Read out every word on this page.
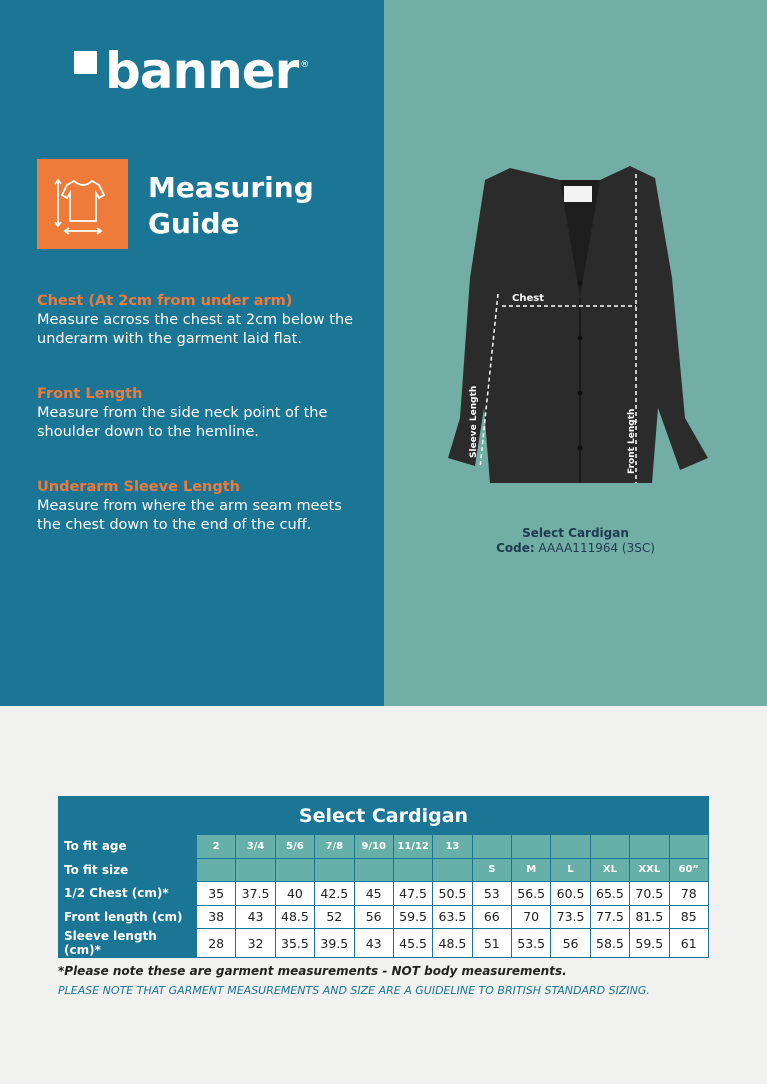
banner ®
Measuring
Guide
Chest (At 2cm from under arm)
Measure across the chest at 2cm below the underarm with the garment laid flat.
Front Length
Measure from the side neck point of the shoulder down to the hemline.
Underarm Sleeve Length
Measure from where the arm seam meets the chest down to the end of the cuff.
Chest
Sleeve Length	Front Length
Select Cardigan
Code: AAAA111964 (3SC)
Select Cardigan
To fit age	2	3/4	5/6	7/8	9/10	11/12	13						
To fit size								S	M	L	XL	XXL	60”
1/2 Chest (cm)*	35	37.5	40	42.5	45	47.5	50.5	53	56.5	60.5	65.5	70.5	78
Front length (cm)	38	43	48.5	52	56	59.5	63.5	66	70	73.5	77.5	81.5	85
Sleeve length (cm)*	28	32	35.5	39.5	43	45.5	48.5	51	53.5	56	58.5	59.5	61
*Please note these are garment measurements - NOT body measurements.
PLEASE NOTE THAT GARMENT MEASUREMENTS AND SIZE ARE A GUIDELINE TO BRITISH STANDARD SIZING.
